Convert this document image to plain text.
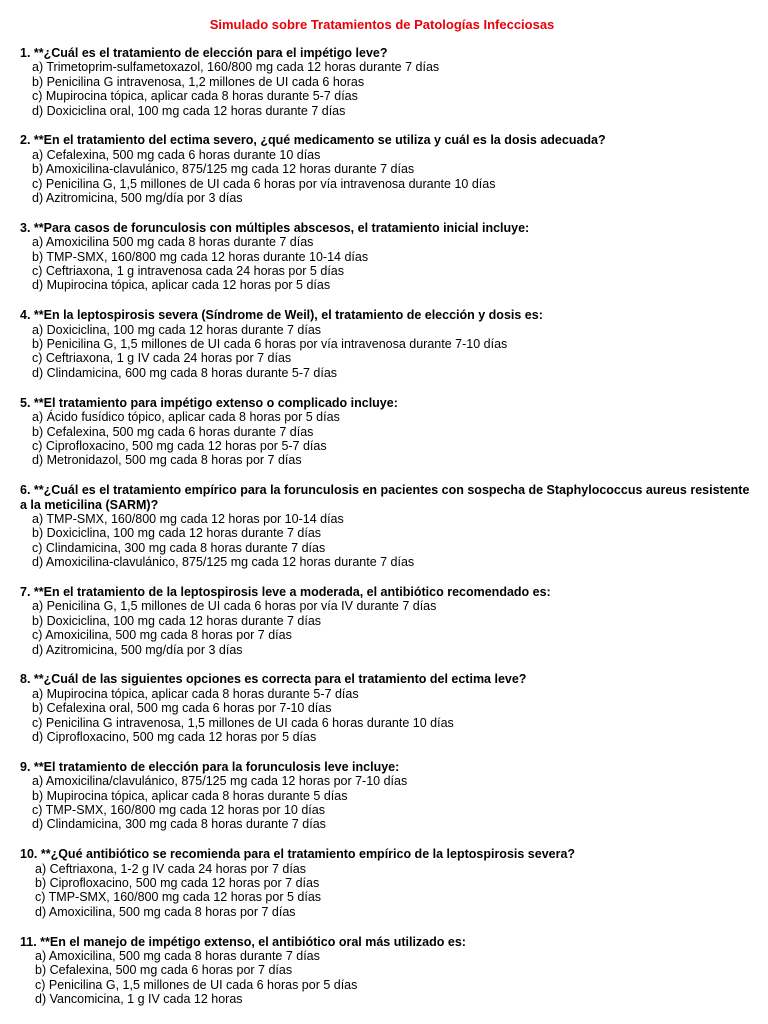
Simulado sobre Tratamientos de Patologías Infecciosas

1. **¿Cuál es el tratamiento de elección para el impétigo leve?

a) Trimetoprim-sulfametoxazol, 160/800 mg cada 12 horas durante 7 días
b) Penicilina G intravenosa, 1,2 millones de UI cada 6 horas
c) Mupirocina tópica, aplicar cada 8 horas durante 5-7 días
d) Doxiciclina oral, 100 mg cada 12 horas durante 7 días

2. **En el tratamiento del ectima severo, ¿qué medicamento se utiliza y cuál es la dosis adecuada?

a) Cefalexina, 500 mg cada 6 horas durante 10 días
b) Amoxicilina-clavulánico, 875/125 mg cada 12 horas durante 7 días
c) Penicilina G, 1,5 millones de UI cada 6 horas por vía intravenosa durante 10 días
d) Azitromicina, 500 mg/día por 3 días

3. **Para casos de forunculosis con múltiples abscesos, el tratamiento inicial incluye:

a) Amoxicilina 500 mg cada 8 horas durante 7 días
b) TMP-SMX, 160/800 mg cada 12 horas durante 10-14 días
c) Ceftriaxona, 1 g intravenosa cada 24 horas por 5 días
d) Mupirocina tópica, aplicar cada 12 horas por 5 días

4. **En la leptospirosis severa (Síndrome de Weil), el tratamiento de elección y dosis es:

a) Doxiciclina, 100 mg cada 12 horas durante 7 días
b) Penicilina G, 1,5 millones de UI cada 6 horas por vía intravenosa durante 7-10 días
c) Ceftriaxona, 1 g IV cada 24 horas por 7 días
d) Clindamicina, 600 mg cada 8 horas durante 5-7 días

5. **El tratamiento para impétigo extenso o complicado incluye:

a) Ácido fusídico tópico, aplicar cada 8 horas por 5 días
b) Cefalexina, 500 mg cada 6 horas durante 7 días
c) Ciprofloxacino, 500 mg cada 12 horas por 5-7 días
d) Metronidazol, 500 mg cada 8 horas por 7 días

6. **¿Cuál es el tratamiento empírico para la forunculosis en pacientes con sospecha de Staphylococcus aureus resistente a la meticilina (SARM)?

a) TMP-SMX, 160/800 mg cada 12 horas por 10-14 días
b) Doxiciclina, 100 mg cada 12 horas durante 7 días
c) Clindamicina, 300 mg cada 8 horas durante 7 días
d) Amoxicilina-clavulánico, 875/125 mg cada 12 horas durante 7 días

7. **En el tratamiento de la leptospirosis leve a moderada, el antibiótico recomendado es:

a) Penicilina G, 1,5 millones de UI cada 6 horas por vía IV durante 7 días
b) Doxiciclina, 100 mg cada 12 horas durante 7 días
c) Amoxicilina, 500 mg cada 8 horas por 7 días
d) Azitromicina, 500 mg/día por 3 días

8. **¿Cuál de las siguientes opciones es correcta para el tratamiento del ectima leve?

a) Mupirocina tópica, aplicar cada 8 horas durante 5-7 días
b) Cefalexina oral, 500 mg cada 6 horas por 7-10 días
c) Penicilina G intravenosa, 1,5 millones de UI cada 6 horas durante 10 días
d) Ciprofloxacino, 500 mg cada 12 horas por 5 días

9. **El tratamiento de elección para la forunculosis leve incluye:

a) Amoxicilina/clavulánico, 875/125 mg cada 12 horas por 7-10 días
b) Mupirocina tópica, aplicar cada 8 horas durante 5 días
c) TMP-SMX, 160/800 mg cada 12 horas por 10 días
d) Clindamicina, 300 mg cada 8 horas durante 7 días

10. **¿Qué antibiótico se recomienda para el tratamiento empírico de la leptospirosis severa?

a) Ceftriaxona, 1-2 g IV cada 24 horas por 7 días
b) Ciprofloxacino, 500 mg cada 12 horas por 7 días
c) TMP-SMX, 160/800 mg cada 12 horas por 5 días
d) Amoxicilina, 500 mg cada 8 horas por 7 días

11. **En el manejo de impétigo extenso, el antibiótico oral más utilizado es:

a) Amoxicilina, 500 mg cada 8 horas durante 7 días
b) Cefalexina, 500 mg cada 6 horas por 7 días
c) Penicilina G, 1,5 millones de UI cada 6 horas por 5 días
d) Vancomicina, 1 g IV cada 12 horas
